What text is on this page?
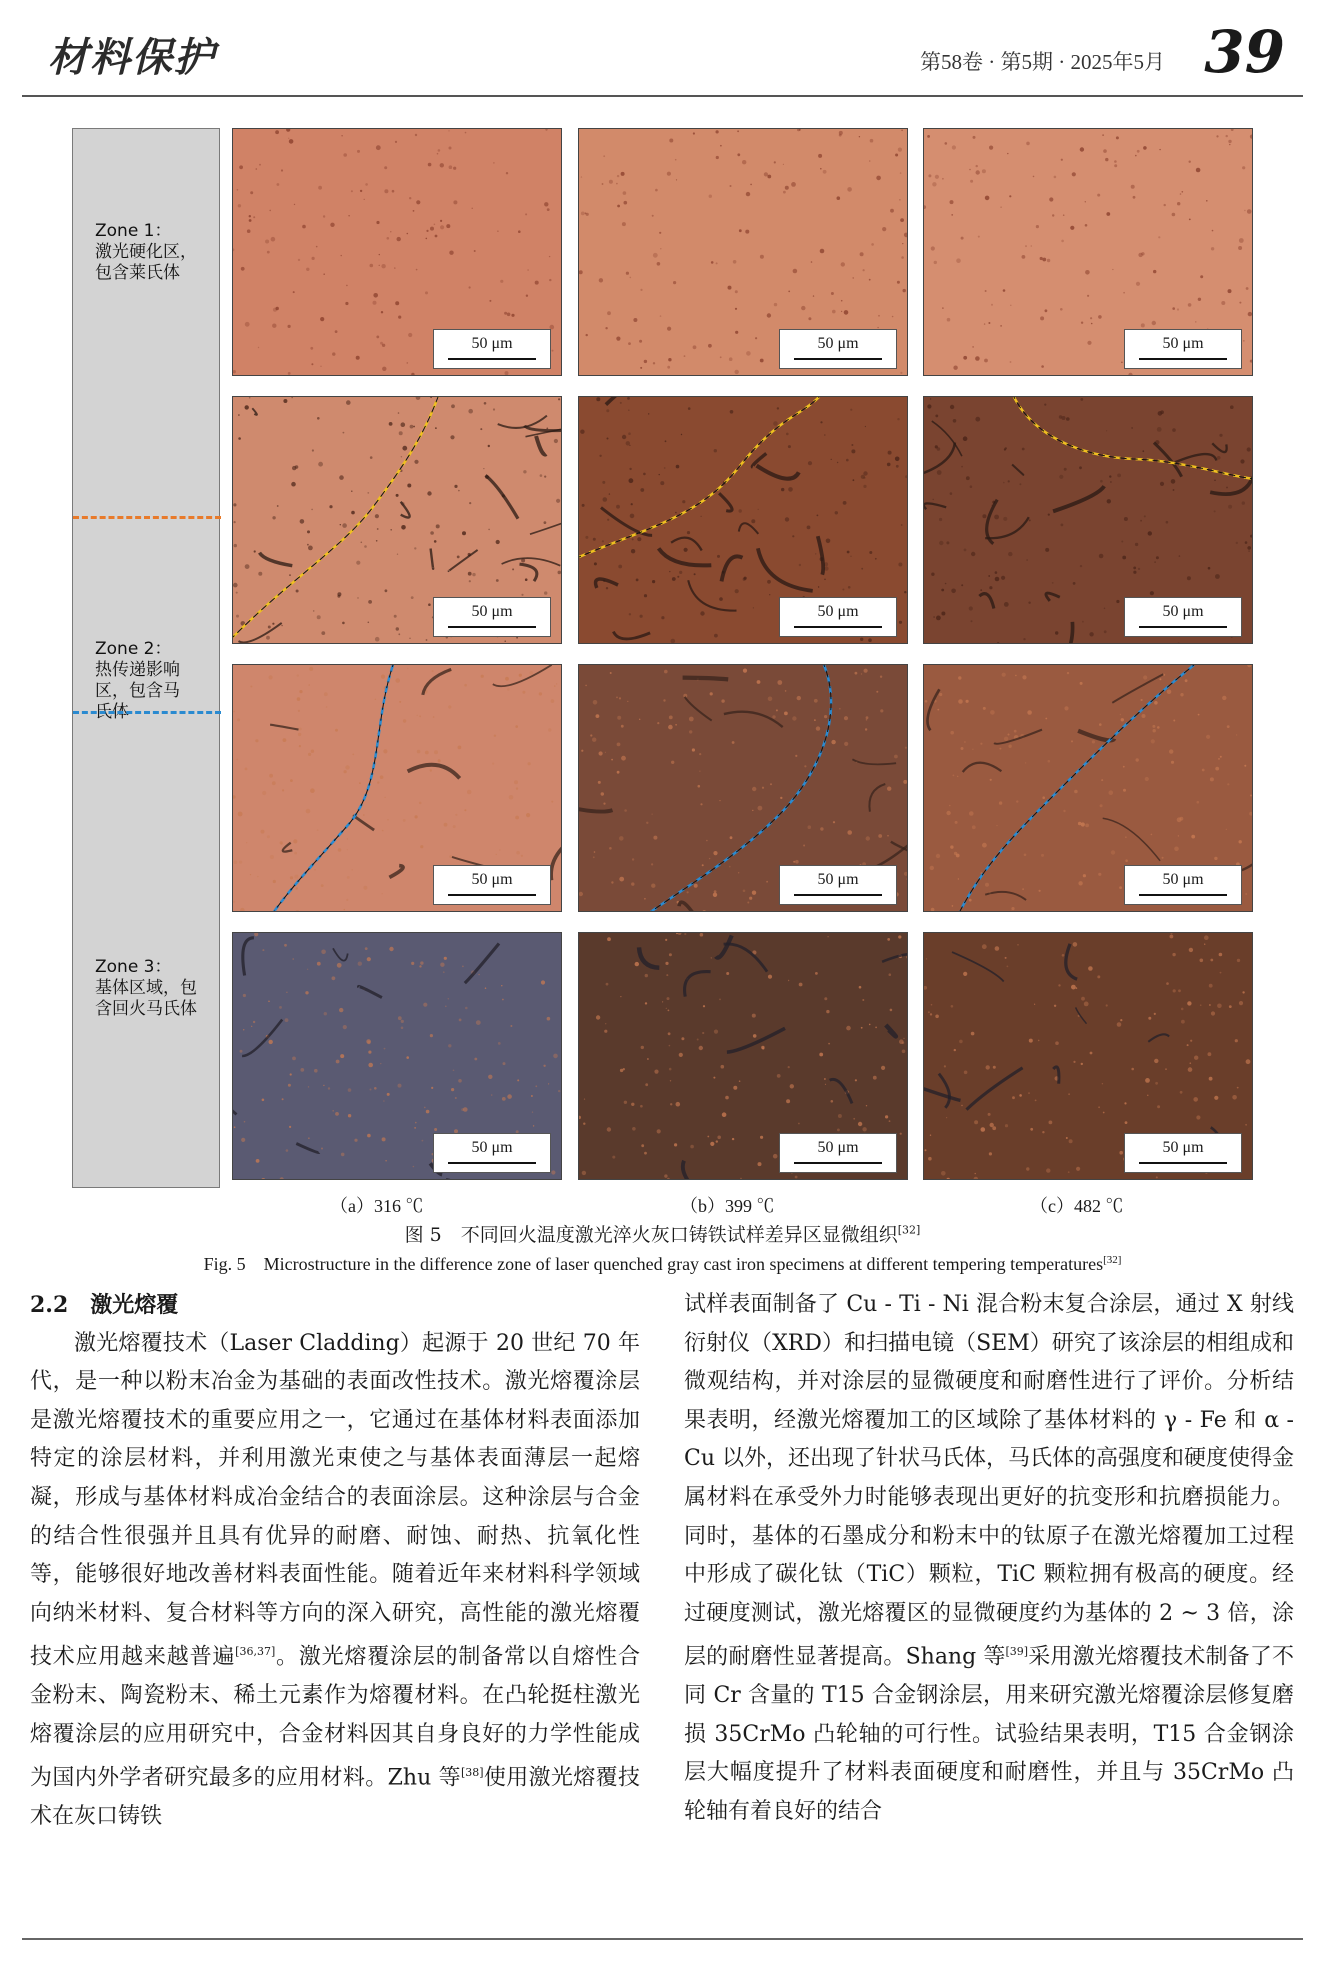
材料保护	第58卷 · 第5期 · 2025年5月 39
Zone 1：
激光硬化区，
包含莱氏体
Zone 2：
热传递影响
区，包含马
氏体
Zone 3：
基体区域，包
含回火马氏体
50 μm	50 μm	50 μm
50 μm	50 μm	50 μm
50 μm	50 μm	50 μm
50 μm	50 μm	50 μm
（a）316 ℃	（b）399 ℃	（c）482 ℃
图 5　不同回火温度激光淬火灰口铸铁试样差异区显微组织[32]
Fig. 5　Microstructure in the difference zone of laser quenched gray cast iron specimens at different tempering temperatures[32]

2.2　激光熔覆

激光熔覆技术（Laser Cladding）起源于 20 世纪 70 年代，是一种以粉末冶金为基础的表面改性技术。激光熔覆涂层是激光熔覆技术的重要应用之一，它通过在基体材料表面添加特定的涂层材料，并利用激光束使之与基体表面薄层一起熔凝，形成与基体材料成冶金结合的表面涂层。这种涂层与合金的结合性很强并且具有优异的耐磨、耐蚀、耐热、抗氧化性等，能够很好地改善材料表面性能。随着近年来材料科学领域向纳米材料、复合材料等方向的深入研究，高性能的激光熔覆技术应用越来越普遍[36,37]。激光熔覆涂层的制备常以自熔性合金粉末、陶瓷粉末、稀土元素作为熔覆材料。在凸轮挺柱激光熔覆涂层的应用研究中，合金材料因其自身良好的力学性能成为国内外学者研究最多的应用材料。Zhu 等[38]使用激光熔覆技术在灰口铸铁

试样表面制备了 Cu - Ti - Ni 混合粉末复合涂层，通过 X 射线衍射仪（XRD）和扫描电镜（SEM）研究了该涂层的相组成和微观结构，并对涂层的显微硬度和耐磨性进行了评价。分析结果表明，经激光熔覆加工的区域除了基体材料的 γ - Fe 和 α - Cu 以外，还出现了针状马氏体，马氏体的高强度和硬度使得金属材料在承受外力时能够表现出更好的抗变形和抗磨损能力。同时，基体的石墨成分和粉末中的钛原子在激光熔覆加工过程中形成了碳化钛（TiC）颗粒，TiC 颗粒拥有极高的硬度。经过硬度测试，激光熔覆区的显微硬度约为基体的 2 ~ 3 倍，涂层的耐磨性显著提高。Shang 等[39]采用激光熔覆技术制备了不同 Cr 含量的 T15 合金钢涂层，用来研究激光熔覆涂层修复磨损 35CrMo 凸轮轴的可行性。试验结果表明，T15 合金钢涂层大幅度提升了材料表面硬度和耐磨性，并且与 35CrMo 凸轮轴有着良好的结合
